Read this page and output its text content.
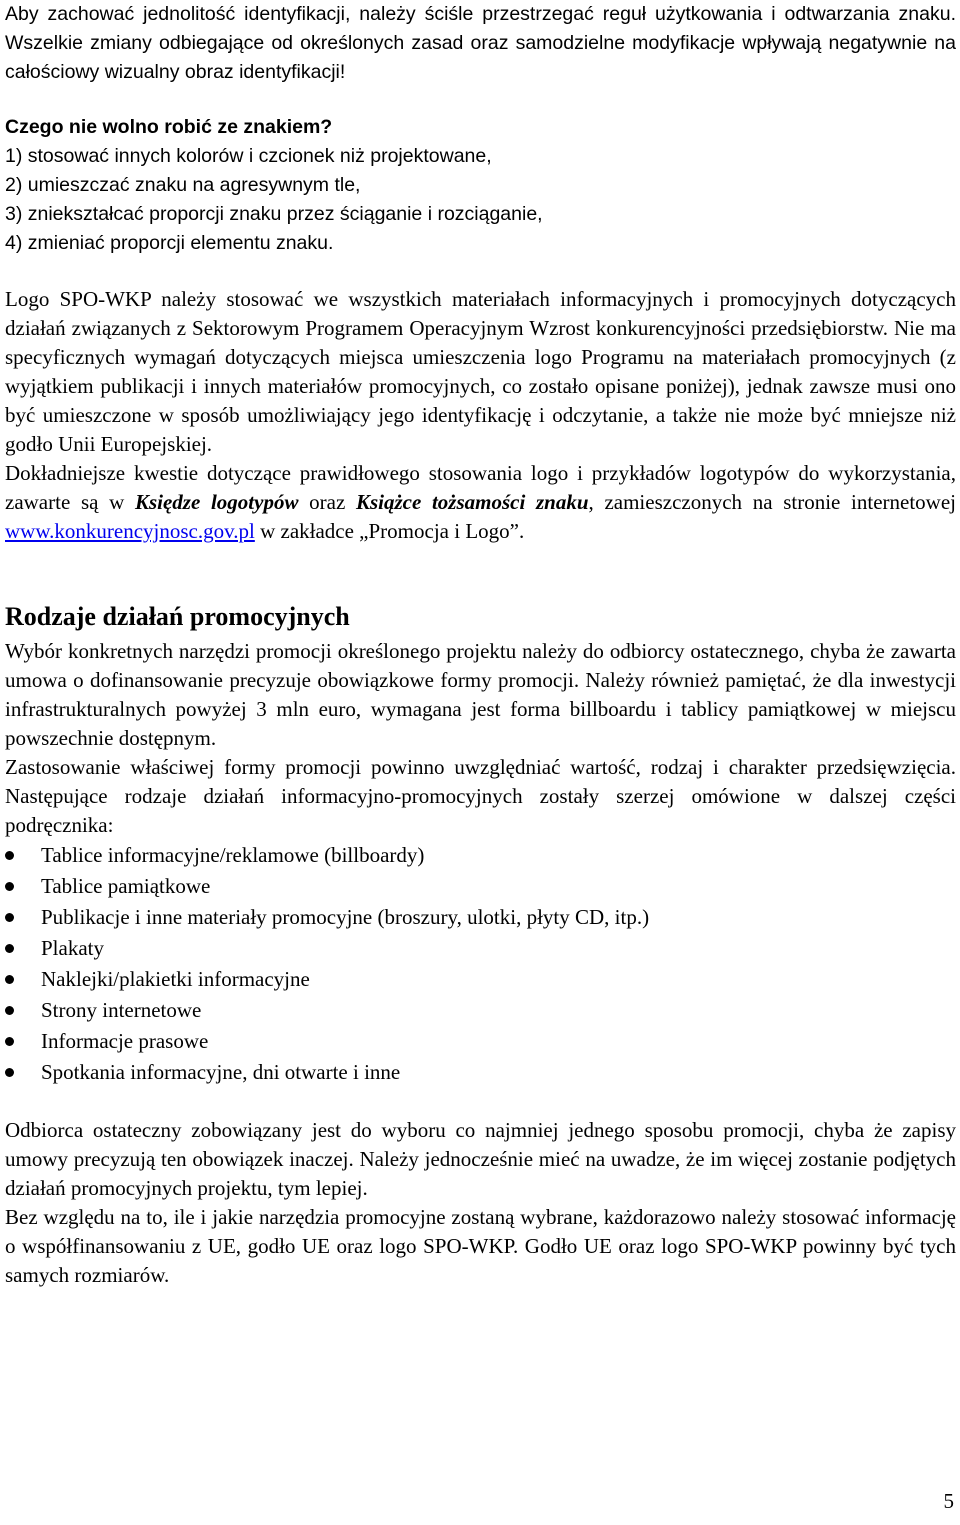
Aby zachować jednolitość identyfikacji, należy ściśle przestrzegać reguł użytkowania i odtwarzania znaku. Wszelkie zmiany odbiegające od określonych zasad oraz samodzielne modyfikacje wpływają negatywnie na całościowy wizualny obraz identyfikacji!

Czego nie wolno robić ze znakiem?

1) stosować innych kolorów i czcionek niż projektowane,
2) umieszczać znaku na agresywnym tle,
3) zniekształcać proporcji znaku przez ściąganie i rozciąganie,
4) zmieniać proporcji elementu znaku.

Logo SPO-WKP należy stosować we wszystkich materiałach informacyjnych i promocyjnych dotyczących działań związanych z Sektorowym Programem Operacyjnym Wzrost konkurencyjności przedsiębiorstw. Nie ma specyficznych wymagań dotyczących miejsca umieszczenia logo Programu na materiałach promocyjnych (z wyjątkiem publikacji i innych materiałów promocyjnych, co zostało opisane poniżej), jednak zawsze musi ono być umieszczone w sposób umożliwiający jego identyfikację i odczytanie, a także nie może być mniejsze niż godło Unii Europejskiej.

Dokładniejsze kwestie dotyczące prawidłowego stosowania logo i przykładów logotypów do wykorzystania, zawarte są w Księdze logotypów oraz Książce tożsamości znaku, zamieszczonych na stronie internetowej www.konkurencyjnosc.gov.pl w zakładce „Promocja i Logo”.

Rodzaje działań promocyjnych

Wybór konkretnych narzędzi promocji określonego projektu należy do odbiorcy ostatecznego, chyba że zawarta umowa o dofinansowanie precyzuje obowiązkowe formy promocji. Należy również pamiętać, że dla inwestycji infrastrukturalnych powyżej 3 mln euro, wymagana jest forma billboardu i tablicy pamiątkowej w miejscu powszechnie dostępnym.

Zastosowanie właściwej formy promocji powinno uwzględniać wartość, rodzaj i charakter przedsięwzięcia. Następujące rodzaje działań informacyjno-promocyjnych zostały szerzej omówione w dalszej części podręcznika:

Tablice informacyjne/reklamowe (billboardy)
Tablice pamiątkowe
Publikacje i inne materiały promocyjne (broszury, ulotki, płyty CD, itp.)
Plakaty
Naklejki/plakietki informacyjne
Strony internetowe
Informacje prasowe
Spotkania informacyjne, dni otwarte i inne

Odbiorca ostateczny zobowiązany jest do wyboru co najmniej jednego sposobu promocji, chyba że zapisy umowy precyzują ten obowiązek inaczej. Należy jednocześnie mieć na uwadze, że im więcej zostanie podjętych działań promocyjnych projektu, tym lepiej.

Bez względu na to, ile i jakie narzędzia promocyjne zostaną wybrane, każdorazowo należy stosować informację o współfinansowaniu z UE, godło UE oraz logo SPO-WKP. Godło UE oraz logo SPO-WKP powinny być tych samych rozmiarów.

5
